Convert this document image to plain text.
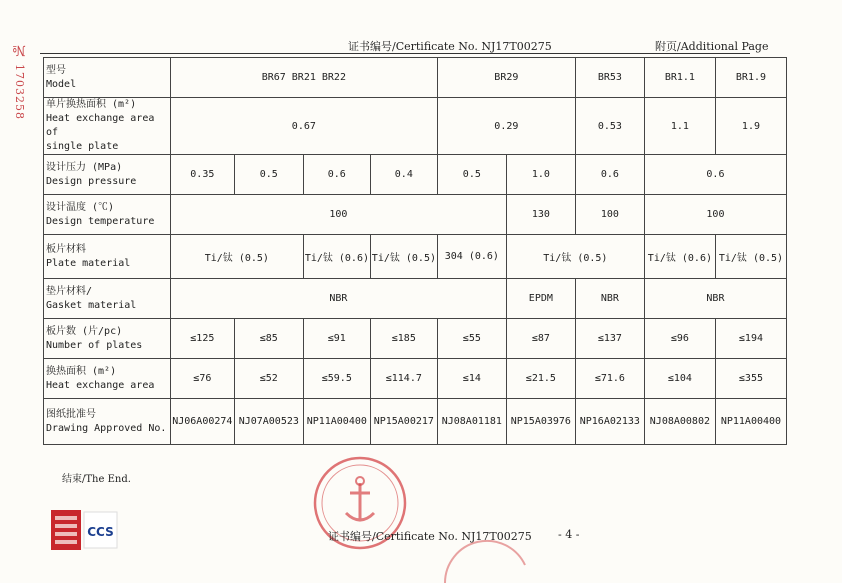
№
1703258
证书编号/Certificate No. NJ17T00275	附页/Additional Page
型号
Model	BR67 BR21 BR22				BR29		BR53	BR1.1	BR1.9

单片换热面积 (m²)
Heat exchange area of
single plate	0.67				0.29		0.53	1.1	1.9

设计压力 (MPa)
Design pressure	0.35	0.5	0.6	0.4	0.5	1.0	0.6	0.6	

设计温度 (℃)
Design temperature	100					130	100	100	

板片材料
Plate material	Ti/钛 (0.5)		Ti/钛 (0.6)	Ti/钛 (0.5)	304 (0.6)	Ti/钛 (0.5)		Ti/钛 (0.6)	Ti/钛 (0.5)

垫片材料/
Gasket material	NBR					EPDM	NBR	NBR	

板片数 (片/pc)
Number of plates	≤125	≤85	≤91	≤185	≤55	≤87	≤137	≤96	≤194

换热面积 (m²)
Heat exchange area	≤76	≤52	≤59.5	≤114.7	≤14	≤21.5	≤71.6	≤104	≤355

图纸批准号
Drawing Approved No.	NJ06A00274	NJ07A00523	NP11A00400	NP15A00217	NJ08A01181	NP15A03976	NP16A02133	NJ08A00802	NP11A00400
结束/The End.
CCS	证书编号/Certificate No. NJ17T00275 - 4 -
